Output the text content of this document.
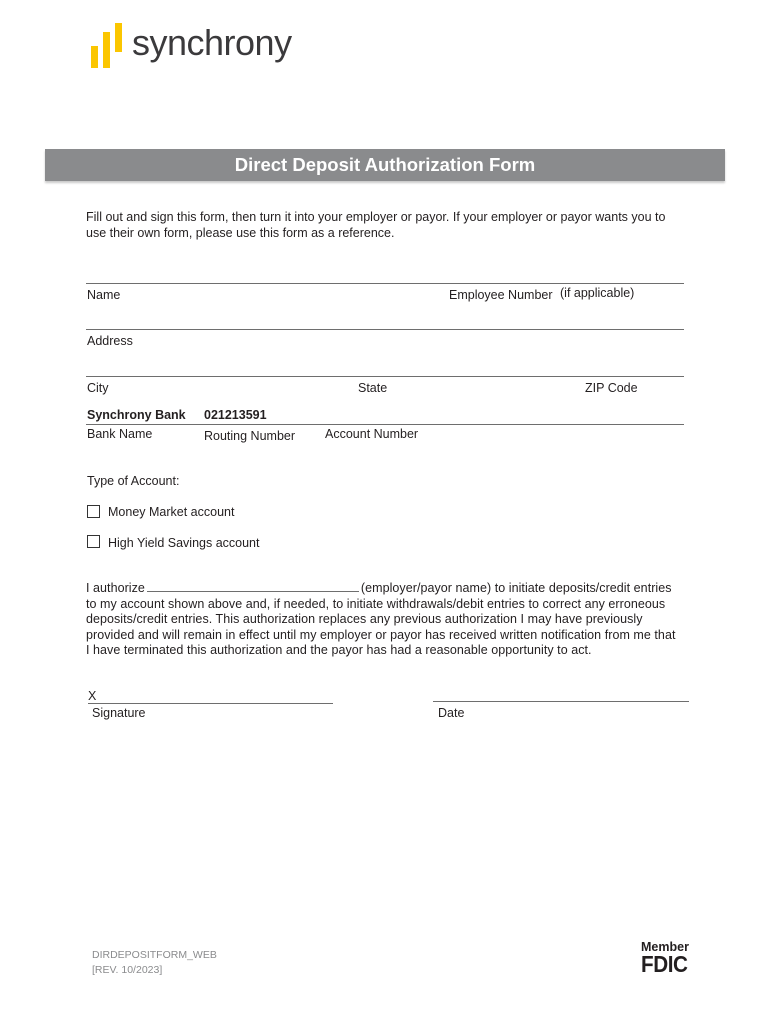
synchrony
Direct Deposit Authorization Form
Fill out and sign this form, then turn it into your employer or payor. If your employer or payor wants you to use their own form, please use this form as a reference.
Name	Employee Number (if applicable)
Address
City	State	ZIP Code
Synchrony Bank 021213591
Bank Name	Routing Number Account Number
Type of Account:
Money Market account
High Yield Savings account
I authorize	(employer/payor name) to initiate deposits/credit entries to my account shown above and, if needed, to initiate withdrawals/debit entries to correct any erroneous deposits/credit entries. This authorization replaces any previous authorization I may have previously provided and will remain in effect until my employer or payor has received written notification from me that I have terminated this authorization and the payor has had a reasonable opportunity to act.
X
Signature	Date
DIRDEPOSITFORM_WEB
[REV. 10/2023]
Member
FDIC
